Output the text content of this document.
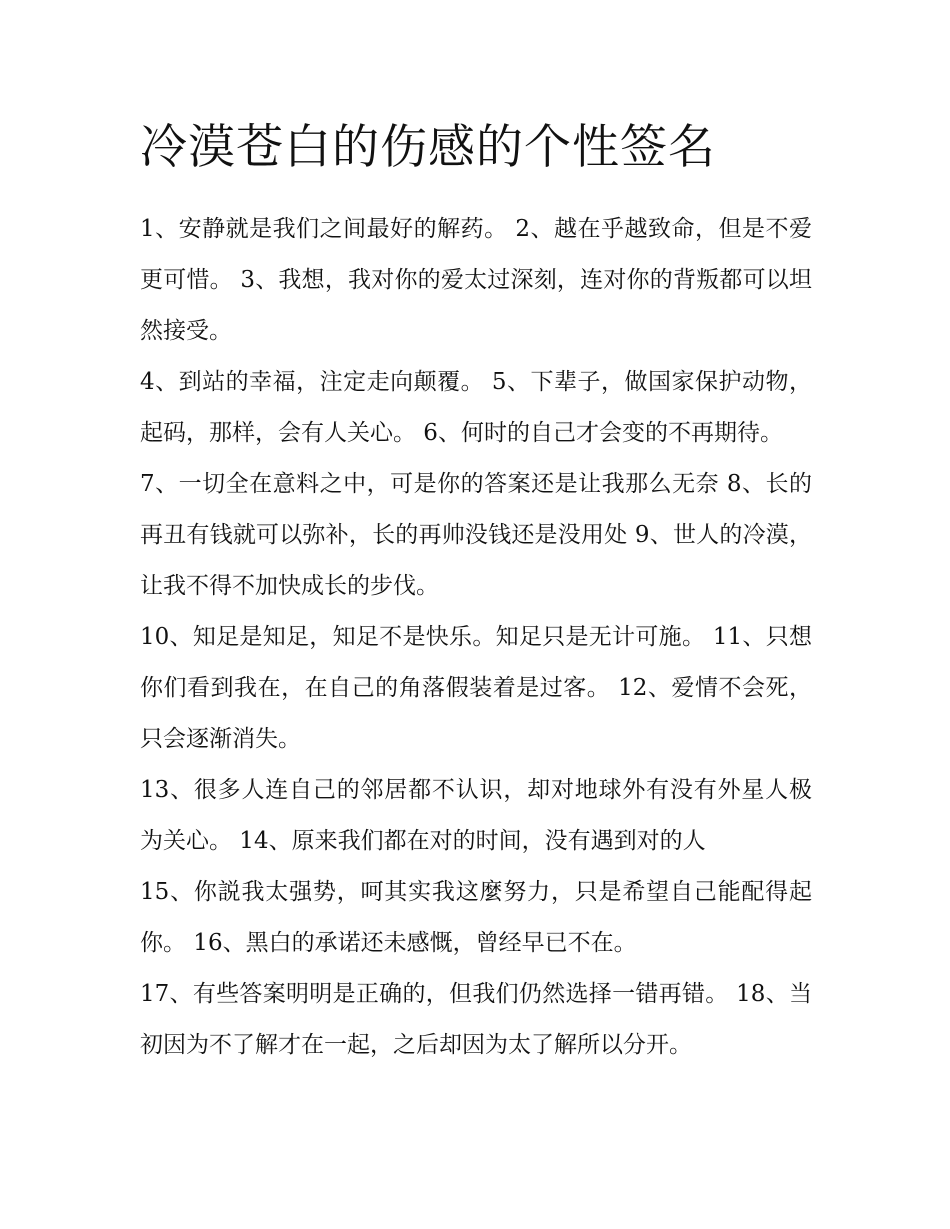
冷漠苍白的伤感的个性签名

1、安静就是我们之间最好的解药。 2、越在乎越致命，但是不爱更可惜。 3、我想，我对你的爱太过深刻，连对你的背叛都可以坦然接受。

4、到站的幸福，注定走向颠覆。 5、下辈子，做国家保护动物，起码，那样，会有人关心。 6、何时的自己才会变的不再期待。

7、一切全在意料之中，可是你的答案还是让我那么无奈 8、长的再丑有钱就可以弥补，长的再帅没钱还是没用处 9、世人的冷漠，让我不得不加快成长的步伐。

10、知足是知足，知足不是快乐。知足只是无计可施。 11、只想你们看到我在，在自己的角落假装着是过客。 12、爱情不会死，只会逐渐消失。

13、很多人连自己的邻居都不认识，却对地球外有没有外星人极为关心。 14、原来我们都在对的时间，没有遇到对的人

15、你説我太强势，呵其实我这麼努力，只是希望自己能配得起你。 16、黑白的承诺还未感慨，曾经早已不在。

17、有些答案明明是正确的，但我们仍然选择一错再错。 18、当初因为不了解才在一起，之后却因为太了解所以分开。
